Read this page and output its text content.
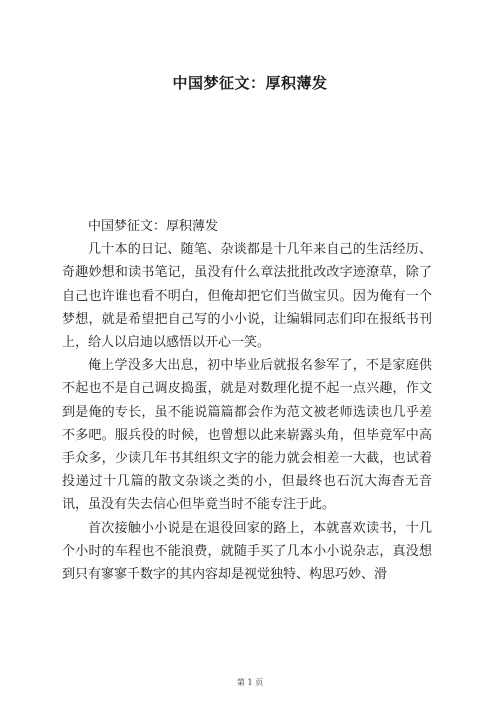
中国梦征文：厚积薄发

中国梦征文：厚积薄发

几十本的日记、随笔、杂谈都是十几年来自己的生活经历、奇趣妙想和读书笔记，虽没有什么章法批批改改字迹潦草，除了自己也许谁也看不明白，但俺却把它们当做宝贝。因为俺有一个梦想，就是希望把自己写的小小说，让编辑同志们印在报纸书刊上，给人以启迪以感悟以开心一笑。

俺上学没多大出息，初中毕业后就报名参军了，不是家庭供不起也不是自己调皮捣蛋，就是对数理化提不起一点兴趣，作文到是俺的专长，虽不能说篇篇都会作为范文被老师选读也几乎差不多吧。服兵役的时候，也曾想以此来崭露头角，但毕竟军中高手众多，少读几年书其组织文字的能力就会相差一大截，也试着投递过十几篇的散文杂谈之类的小，但最终也石沉大海杳无音讯，虽没有失去信心但毕竟当时不能专注于此。

首次接触小小说是在退役回家的路上，本就喜欢读书，十几个小时的车程也不能浪费，就随手买了几本小小说杂志，真没想到只有寥寥千数字的其内容却是视觉独特、构思巧妙、滑

第 1 页
